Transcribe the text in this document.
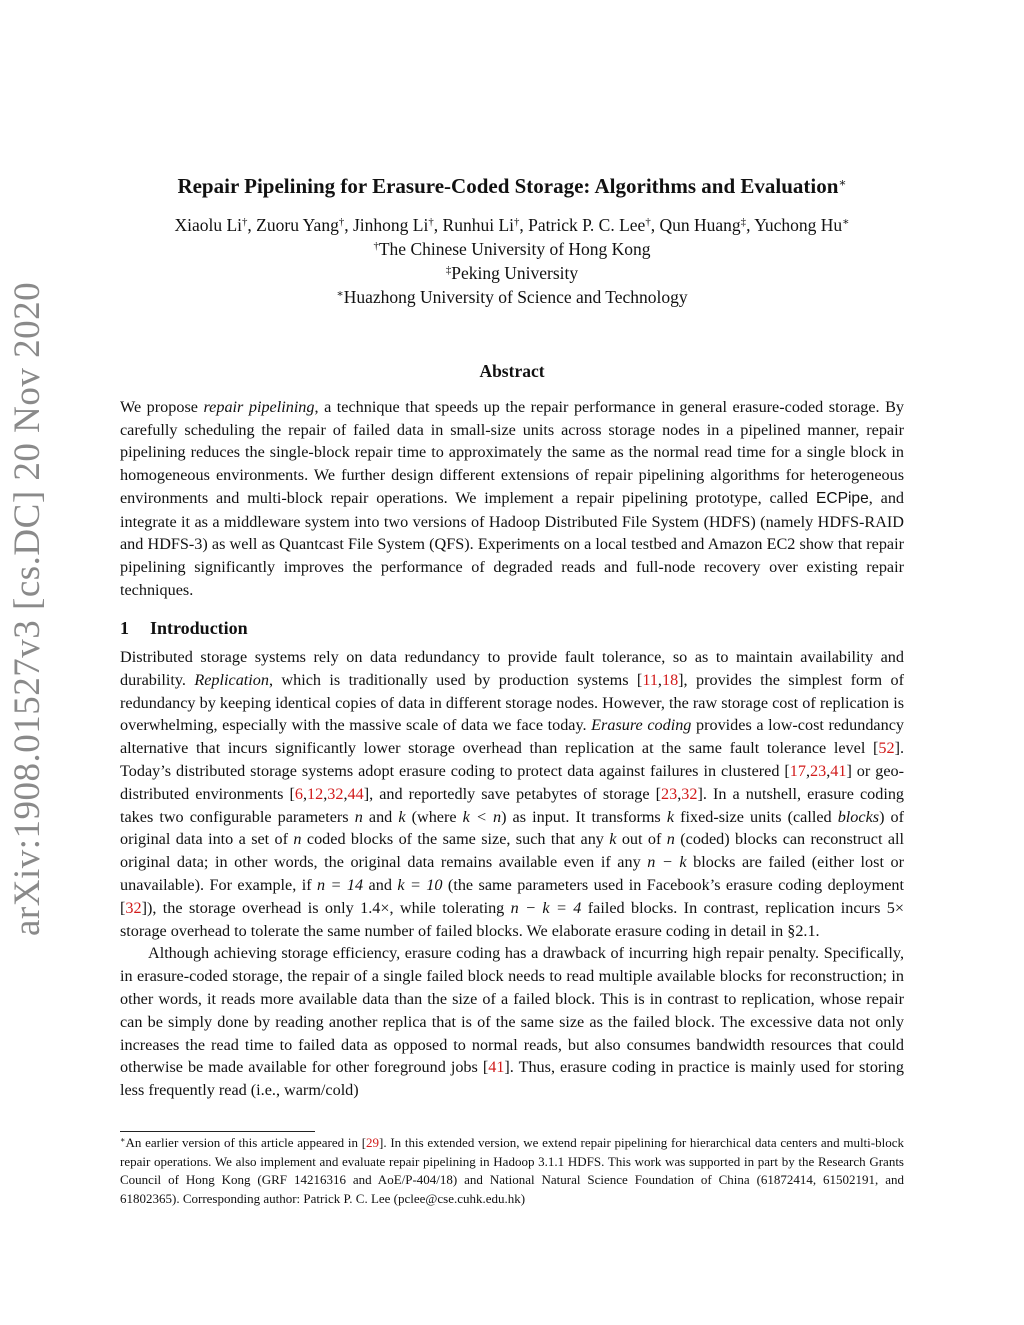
arXiv:1908.01527v3 [cs.DC] 20 Nov 2020
Repair Pipelining for Erasure-Coded Storage: Algorithms and Evaluation∗
Xiaolu Li†, Zuoru Yang†, Jinhong Li†, Runhui Li†, Patrick P. C. Lee†, Qun Huang‡, Yuchong Hu∗
†The Chinese University of Hong Kong
‡Peking University
∗Huazhong University of Science and Technology
Abstract
We propose repair pipelining, a technique that speeds up the repair performance in general erasure-coded storage. By carefully scheduling the repair of failed data in small-size units across storage nodes in a pipelined manner, repair pipelining reduces the single-block repair time to approximately the same as the normal read time for a single block in homogeneous environments. We further design different extensions of repair pipelining algorithms for heterogeneous environments and multi-block repair operations. We implement a repair pipelining prototype, called ECPipe, and integrate it as a middleware system into two versions of Hadoop Distributed File System (HDFS) (namely HDFS-RAID and HDFS-3) as well as Quantcast File System (QFS). Experiments on a local testbed and Amazon EC2 show that repair pipelining significantly improves the performance of degraded reads and full-node recovery over existing repair techniques.
1 Introduction

Distributed storage systems rely on data redundancy to provide fault tolerance, so as to maintain availability and durability. Replication, which is traditionally used by production systems [11,18], provides the simplest form of redundancy by keeping identical copies of data in different storage nodes. However, the raw storage cost of replication is overwhelming, especially with the massive scale of data we face today. Erasure coding provides a low-cost redundancy alternative that incurs significantly lower storage overhead than replication at the same fault tolerance level [52]. Today’s distributed storage systems adopt erasure coding to protect data against failures in clustered [17,23,41] or geo-distributed environments [6,12,32,44], and reportedly save petabytes of storage [23,32]. In a nutshell, erasure coding takes two configurable parameters n and k (where k < n) as input. It transforms k fixed-size units (called blocks) of original data into a set of n coded blocks of the same size, such that any k out of n (coded) blocks can reconstruct all original data; in other words, the original data remains available even if any n − k blocks are failed (either lost or unavailable). For example, if n = 14 and k = 10 (the same parameters used in Facebook’s erasure coding deployment [32]), the storage overhead is only 1.4×, while tolerating n − k = 4 failed blocks. In contrast, replication incurs 5× storage overhead to tolerate the same number of failed blocks. We elaborate erasure coding in detail in §2.1.

Although achieving storage efficiency, erasure coding has a drawback of incurring high repair penalty. Specifically, in erasure-coded storage, the repair of a single failed block needs to read multiple available blocks for reconstruction; in other words, it reads more available data than the size of a failed block. This is in contrast to replication, whose repair can be simply done by reading another replica that is of the same size as the failed block. The excessive data not only increases the read time to failed data as opposed to normal reads, but also consumes bandwidth resources that could otherwise be made available for other foreground jobs [41]. Thus, erasure coding in practice is mainly used for storing less frequently read (i.e., warm/cold)

∗An earlier version of this article appeared in [29]. In this extended version, we extend repair pipelining for hierarchical data centers and multi-block repair operations. We also implement and evaluate repair pipelining in Hadoop 3.1.1 HDFS. This work was supported in part by the Research Grants Council of Hong Kong (GRF 14216316 and AoE/P-404/18) and National Natural Science Foundation of China (61872414, 61502191, and 61802365). Corresponding author: Patrick P. C. Lee (pclee@cse.cuhk.edu.hk)
